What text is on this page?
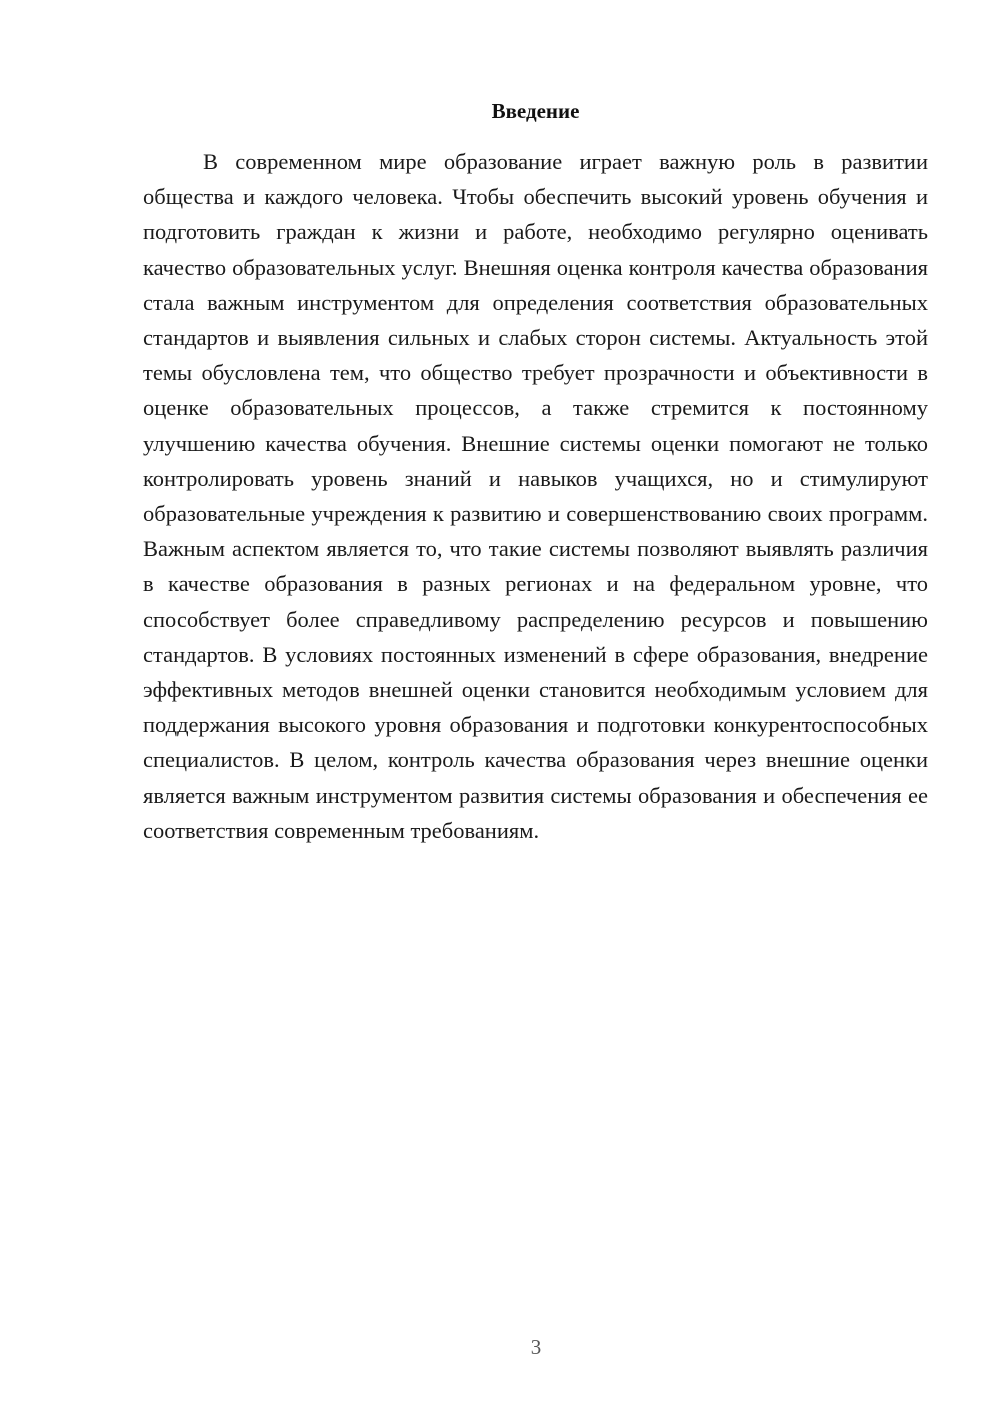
Введение

В современном мире образование играет важную роль в развитии общества и каждого человека. Чтобы обеспечить высокий уровень обучения и подготовить граждан к жизни и работе, необходимо регулярно оценивать качество образовательных услуг. Внешняя оценка контроля качества образования стала важным инструментом для определения соответствия образовательных стандартов и выявления сильных и слабых сторон системы. Актуальность этой темы обусловлена тем, что общество требует прозрачности и объективности в оценке образовательных процессов, а также стремится к постоянному улучшению качества обучения. Внешние системы оценки помогают не только контролировать уровень знаний и навыков учащихся, но и стимулируют образовательные учреждения к развитию и совершенствованию своих программ. Важным аспектом является то, что такие системы позволяют выявлять различия в качестве образования в разных регионах и на федеральном уровне, что способствует более справедливому распределению ресурсов и повышению стандартов. В условиях постоянных изменений в сфере образования, внедрение эффективных методов внешней оценки становится необходимым условием для поддержания высокого уровня образования и подготовки конкурентоспособных специалистов. В целом, контроль качества образования через внешние оценки является важным инструментом развития системы образования и обеспечения ее соответствия современным требованиям.

3
